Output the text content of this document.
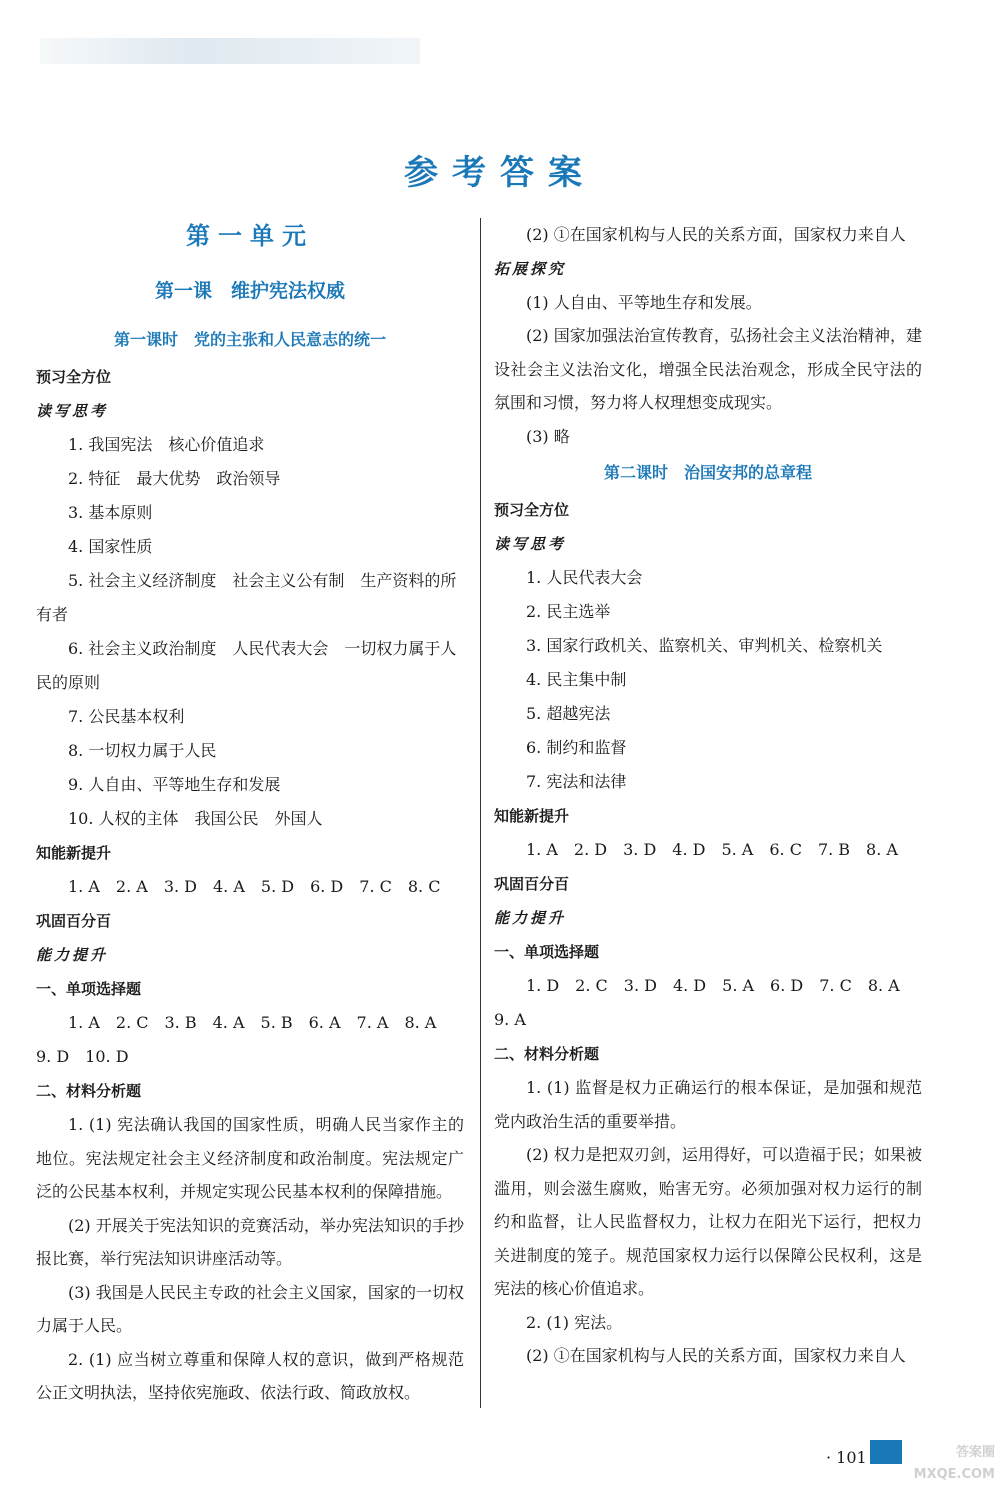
参考答案
第一单元
第一课　维护宪法权威
第一课时　党的主张和人民意志的统一
预习全方位
读写思考
1. 我国宪法　核心价值追求
2. 特征　最大优势　政治领导
3. 基本原则
4. 国家性质
5. 社会主义经济制度　社会主义公有制　生产资料的所
有者
6. 社会主义政治制度　人民代表大会　一切权力属于人
民的原则
7. 公民基本权利
8. 一切权力属于人民
9. 人自由、平等地生存和发展
10. 人权的主体　我国公民　外国人
知能新提升
1. A　2. A　3. D　4. A　5. D　6. D　7. C　8. C
巩固百分百
能力提升
一、单项选择题
1. A　2. C　3. B　4. A　5. B　6. A　7. A　8. A
9. D　10. D
二、材料分析题
1. (1) 宪法确认我国的国家性质，明确人民当家作主的地位。宪法规定社会主义经济制度和政治制度。宪法规定广泛的公民基本权利，并规定实现公民基本权利的保障措施。
(2) 开展关于宪法知识的竞赛活动，举办宪法知识的手抄报比赛，举行宪法知识讲座活动等。
(3) 我国是人民民主专政的社会主义国家，国家的一切权力属于人民。
2. (1) 应当树立尊重和保障人权的意识，做到严格规范公正文明执法，坚持依宪施政、依法行政、简政放权。
(2) ①在国家机构与人民的关系方面，国家权力来自人
拓展探究
(1) 人自由、平等地生存和发展。
(2) 国家加强法治宣传教育，弘扬社会主义法治精神，建设社会主义法治文化，增强全民法治观念，形成全民守法的氛围和习惯，努力将人权理想变成现实。
(3) 略
第二课时　治国安邦的总章程
预习全方位
读写思考
1. 人民代表大会
2. 民主选举
3. 国家行政机关、监察机关、审判机关、检察机关
4. 民主集中制
5. 超越宪法
6. 制约和监督
7. 宪法和法律
知能新提升
1. A　2. D　3. D　4. D　5. A　6. C　7. B　8. A
巩固百分百
能力提升
一、单项选择题
1. D　2. C　3. D　4. D　5. A　6. D　7. C　8. A
9. A
二、材料分析题
1. (1) 监督是权力正确运行的根本保证，是加强和规范党内政治生活的重要举措。
(2) 权力是把双刃剑，运用得好，可以造福于民；如果被滥用，则会滋生腐败，贻害无穷。必须加强对权力运行的制约和监督，让人民监督权力，让权力在阳光下运行，把权力关进制度的笼子。规范国家权力运行以保障公民权利，这是宪法的核心价值追求。
2. (1) 宪法。
(2) ①在国家机构与人民的关系方面，国家权力来自人
· 101	答案圈 MXQE.COM
